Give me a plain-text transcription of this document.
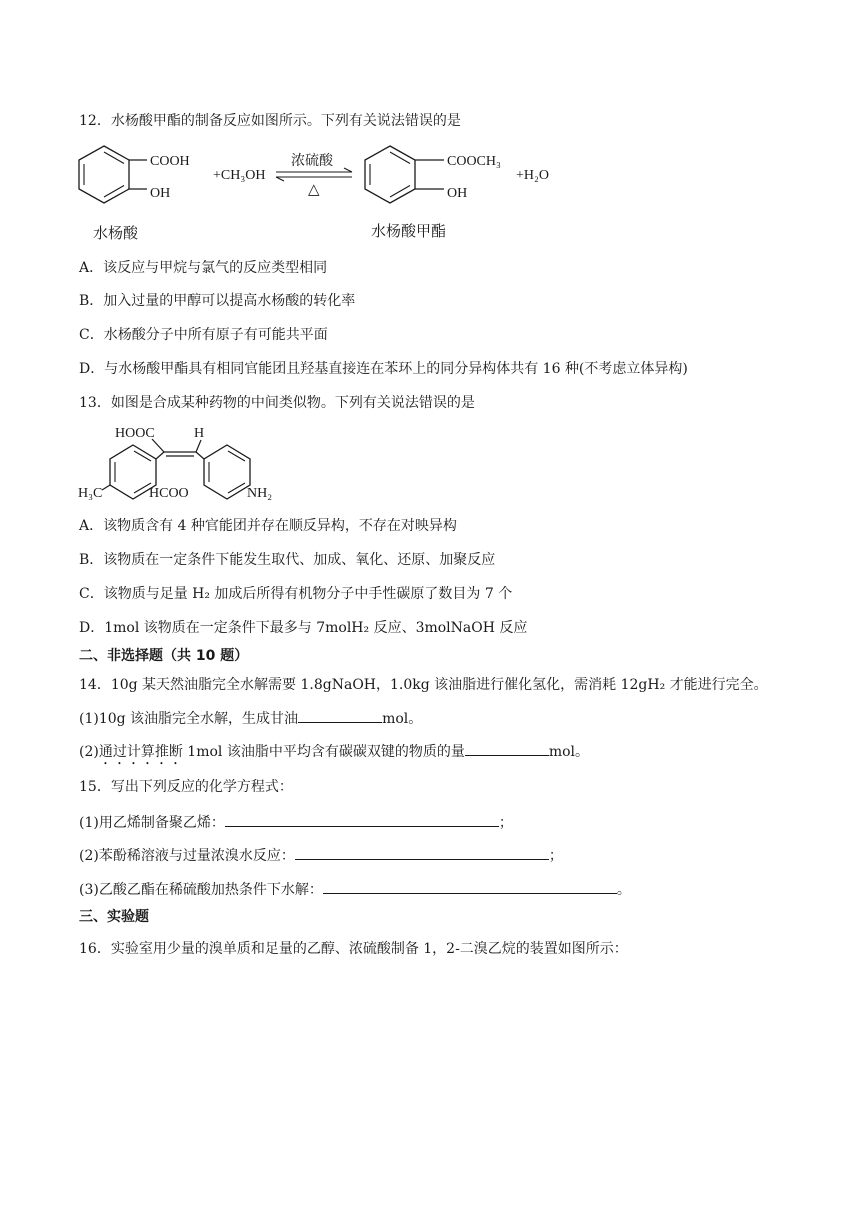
12．水杨酸甲酯的制备反应如图所示。下列有关说法错误的是
COOH
OH
+CH₃OH
浓硫酸
△
COOCH₃
OH
+H₂O
水杨酸	水杨酸甲酯
HOOC	H
H₃C	HCOO	NH₂
A．该反应与甲烷与氯气的反应类型相同
B．加入过量的甲醇可以提高水杨酸的转化率
C．水杨酸分子中所有原子有可能共平面
D．与水杨酸甲酯具有相同官能团且羟基直接连在苯环上的同分异构体共有 16 种(不考虑立体异构)
13．如图是合成某种药物的中间类似物。下列有关说法错误的是
A．该物质含有 4 种官能团并存在顺反异构，不存在对映异构
B．该物质在一定条件下能发生取代、加成、氧化、还原、加聚反应
C．该物质与足量 H₂ 加成后所得有机物分子中手性碳原了数目为 7 个
D．1mol 该物质在一定条件下最多与 7molH₂ 反应、3molNaOH 反应
二、非选择题（共 10 题）
14．10g 某天然油脂完全水解需要 1.8gNaOH，1.0kg 该油脂进行催化氢化，需消耗 12gH₂ 才能进行完全。
(1)10g 该油脂完全水解，生成甘油	mol。
(2)通过计算推断 1mol 该油脂中平均含有碳碳双键的物质的量	mol。
15．写出下列反应的化学方程式：
(1)用乙烯制备聚乙烯：	；
(2)苯酚稀溶液与过量浓溴水反应：	；
(3)乙酸乙酯在稀硫酸加热条件下水解：	。
三、实验题
16．实验室用少量的溴单质和足量的乙醇、浓硫酸制备 1，2-二溴乙烷的装置如图所示：
